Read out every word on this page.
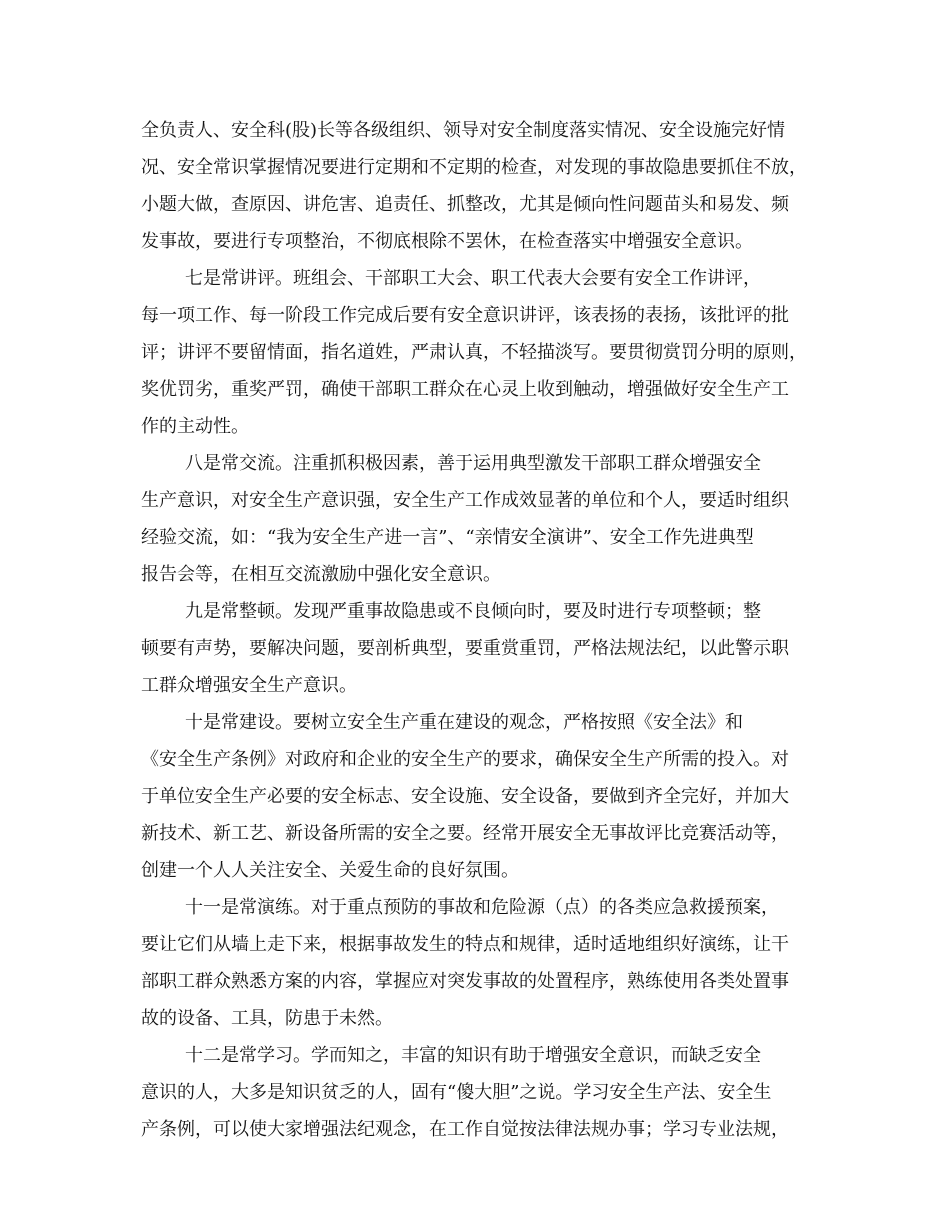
全负责人、安全科(股)长等各级组织、领导对安全制度落实情况、安全设施完好情
况、安全常识掌握情况要进行定期和不定期的检查，对发现的事故隐患要抓住不放，
小题大做，查原因、讲危害、追责任、抓整改，尤其是倾向性问题苗头和易发、频
发事故，要进行专项整治，不彻底根除不罢休，在检查落实中增强安全意识。
七是常讲评。班组会、干部职工大会、职工代表大会要有安全工作讲评，
每一项工作、每一阶段工作完成后要有安全意识讲评，该表扬的表扬，该批评的批
评；讲评不要留情面，指名道姓，严肃认真，不轻描淡写。要贯彻赏罚分明的原则，
奖优罚劣，重奖严罚，确使干部职工群众在心灵上收到触动，增强做好安全生产工
作的主动性。
八是常交流。注重抓积极因素，善于运用典型激发干部职工群众增强安全
生产意识，对安全生产意识强，安全生产工作成效显著的单位和个人，要适时组织
经验交流，如：“我为安全生产进一言”、“亲情安全演讲”、安全工作先进典型
报告会等，在相互交流激励中强化安全意识。
九是常整顿。发现严重事故隐患或不良倾向时，要及时进行专项整顿；整
顿要有声势，要解决问题，要剖析典型，要重赏重罚，严格法规法纪，以此警示职
工群众增强安全生产意识。
十是常建设。要树立安全生产重在建设的观念，严格按照《安全法》和
《安全生产条例》对政府和企业的安全生产的要求，确保安全生产所需的投入。对
于单位安全生产必要的安全标志、安全设施、安全设备，要做到齐全完好，并加大
新技术、新工艺、新设备所需的安全之要。经常开展安全无事故评比竞赛活动等，
创建一个人人关注安全、关爱生命的良好氛围。
十一是常演练。对于重点预防的事故和危险源（点）的各类应急救援预案，
要让它们从墙上走下来，根据事故发生的特点和规律，适时适地组织好演练，让干
部职工群众熟悉方案的内容，掌握应对突发事故的处置程序，熟练使用各类处置事
故的设备、工具，防患于未然。
十二是常学习。学而知之，丰富的知识有助于增强安全意识，而缺乏安全
意识的人，大多是知识贫乏的人，固有“傻大胆”之说。学习安全生产法、安全生
产条例，可以使大家增强法纪观念，在工作自觉按法律法规办事；学习专业法规，
